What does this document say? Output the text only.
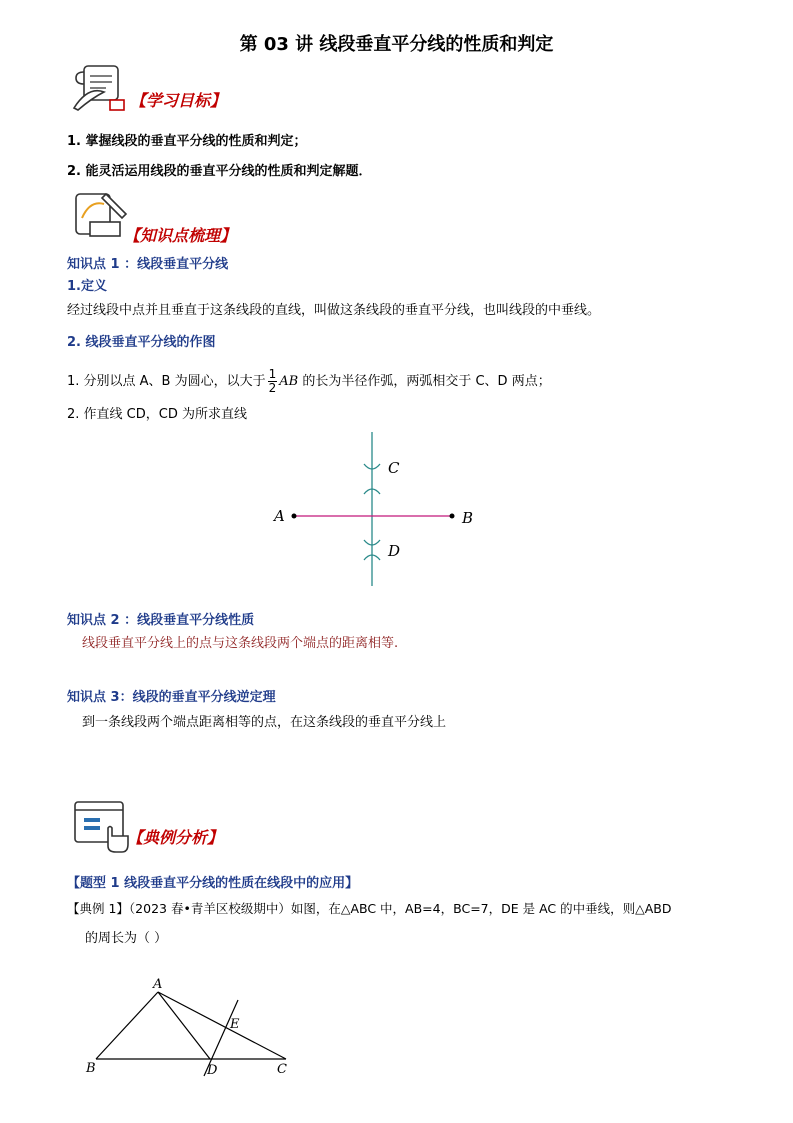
第 03 讲 线段垂直平分线的性质和判定
【学习目标】
1. 掌握线段的垂直平分线的性质和判定；
2. 能灵活运用线段的垂直平分线的性质和判定解题．
【知识点梳理】
知识点 1 ：线段垂直平分线
1.定义
经过线段中点并且垂直于这条线段的直线，叫做这条线段的垂直平分线，也叫线段的中垂线。
2. 线段垂直平分线的作图
1. 分别以点 A、B 为圆心，以大于 $\frac{1}{2}$ AB 的长为半径作弧，两弧相交于 C、D 两点；
2. 作直线 CD，CD 为所求直线
A	B
C
D
知识点 2 ：线段垂直平分线性质
线段垂直平分线上的点与这条线段两个端点的距离相等.
知识点 3：线段的垂直平分线逆定理
到一条线段两个端点距离相等的点，在这条线段的垂直平分线上
【典例分析】
【题型 1 线段垂直平分线的性质在线段中的应用】
【典例 1】（2023 春•青羊区校级期中）如图，在△ABC 中，AB=4，BC=7，DE 是 AC 的中垂线，则△ABD
的周长为（ ）
A
B	C
D
E
